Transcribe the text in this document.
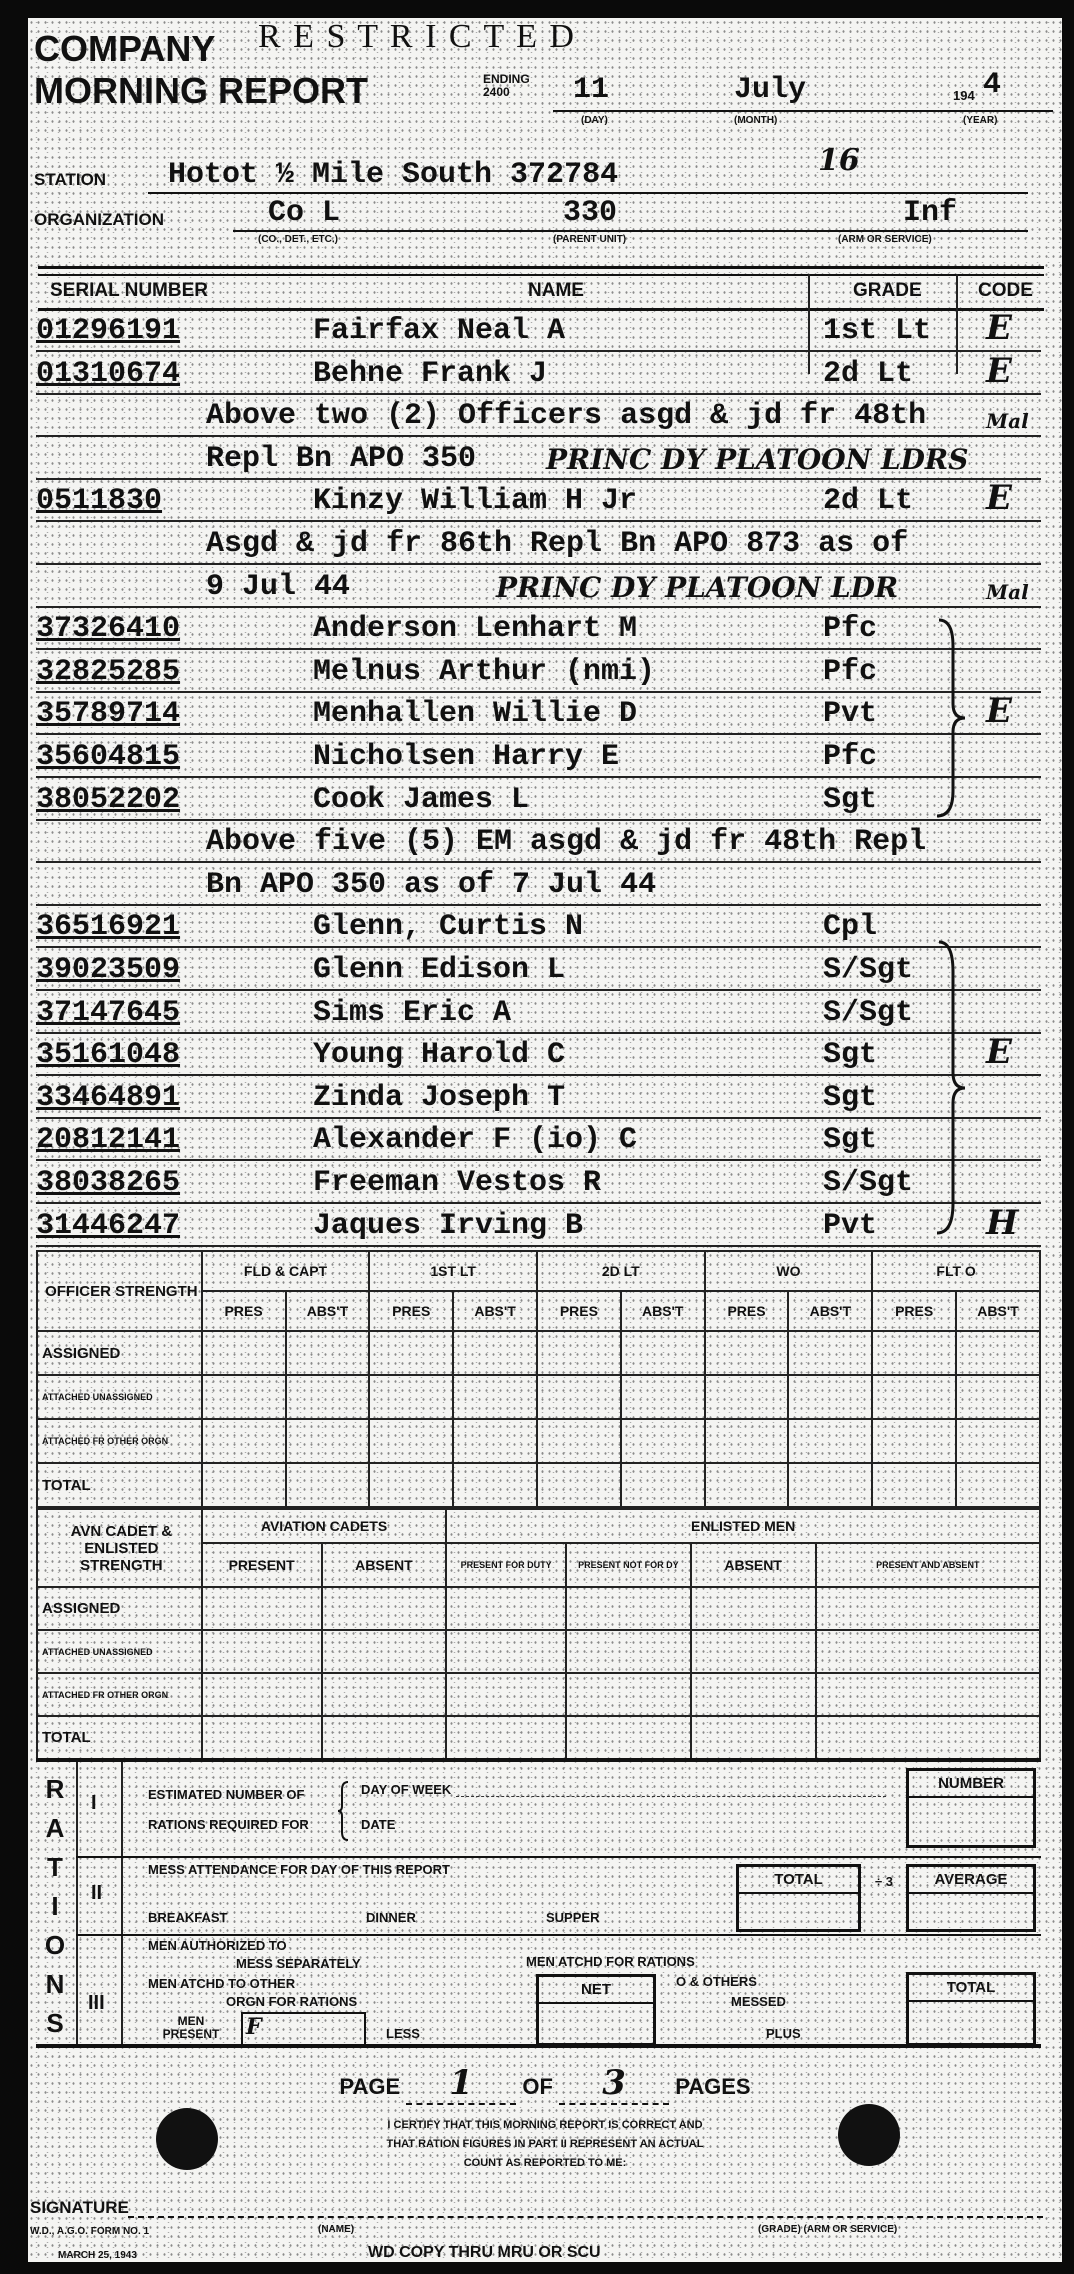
COMPANY R E S T R I C T E D
MORNING REPORT	ENDING 2400	11	July	194 4
(DAY)	(MONTH)	(YEAR)
16
STATION Hotot ½ Mile South 372784
ORGANIZATION	Co L	330	Inf
(CO., DET., ETC.)	(PARENT UNIT)	(ARM OR SERVICE)
SERIAL NUMBER	NAME	GRADE	CODE
01296191	Fairfax Neal A	1st Lt E
01310674	Behne Frank J	2d Lt E
Above two (2) Officers asgd & jd fr 48th	Mal
Repl Bn APO 350 PRINC DY PLATOON LDRS
0511830	Kinzy William H Jr	2d Lt E
Asgd & jd fr 86th Repl Bn APO 873 as of
9 Jul 44	PRINC DY PLATOON LDR	Mal
37326410	Anderson Lenhart M	Pfc
32825285	Melnus Arthur (nmi)	Pfc
35789714	Menhallen Willie D	Pvt	E
35604815	Nicholsen Harry E	Pfc
38052202	Cook James L	Sgt
Above five (5) EM asgd & jd fr 48th Repl
Bn APO 350 as of 7 Jul 44
36516921	Glenn, Curtis N	Cpl
39023509	Glenn Edison L	S/Sgt
37147645	Sims Eric A	S/Sgt
35161048	Young Harold C	Sgt	E
33464891	Zinda Joseph T	Sgt
20812141	Alexander F (io) C	Sgt
38038265	Freeman Vestos R	S/Sgt
31446247	Jaques Irving B	Pvt	H
OFFICER STRENGTH	FLD & CAPT		1ST LT		2D LT		WO		FLT O	
	PRES	ABS'T	PRES	ABS'T	PRES	ABS'T	PRES	ABS'T	PRES	ABS'T
ASSIGNED										
ATTACHED UNASSIGNED										
ATTACHED FR OTHER ORGN										
TOTAL										
AVN CADET & ENLISTED STRENGTH	AVIATION CADETS		ENLISTED MEN			
	PRESENT	ABSENT	PRESENT FOR DUTY	PRESENT NOT FOR DY	ABSENT	PRESENT AND ABSENT
ASSIGNED						
ATTACHED UNASSIGNED						
ATTACHED FR OTHER ORGN						
TOTAL						
R
A
T
I
O
N
S
I	ESTIMATED NUMBER OF
RATIONS REQUIRED FOR
DAY OF WEEK
DATE
NUMBER
II
MESS ATTENDANCE FOR DAY OF THIS REPORT
BREAKFAST	DINNER	SUPPER
TOTAL	÷ 3	AVERAGE
III
MEN AUTHORIZED TO
MESS SEPARATELY	MEN ATCHD FOR RATIONS
MEN ATCHD TO OTHER
ORGN FOR RATIONS
O & OTHERS
MESSED
MEN PRESENT	F	LESS
NET
PLUS
TOTAL
PAGE 1 OF 3 PAGES
I CERTIFY THAT THIS MORNING REPORT IS CORRECT AND
THAT RATION FIGURES IN PART II REPRESENT AN ACTUAL
COUNT AS REPORTED TO ME:
SIGNATURE
W.D., A.G.O. FORM NO. 1
MARCH 25, 1943
(NAME)	(GRADE) (ARM OR SERVICE)
WD COPY THRU MRU OR SCU
